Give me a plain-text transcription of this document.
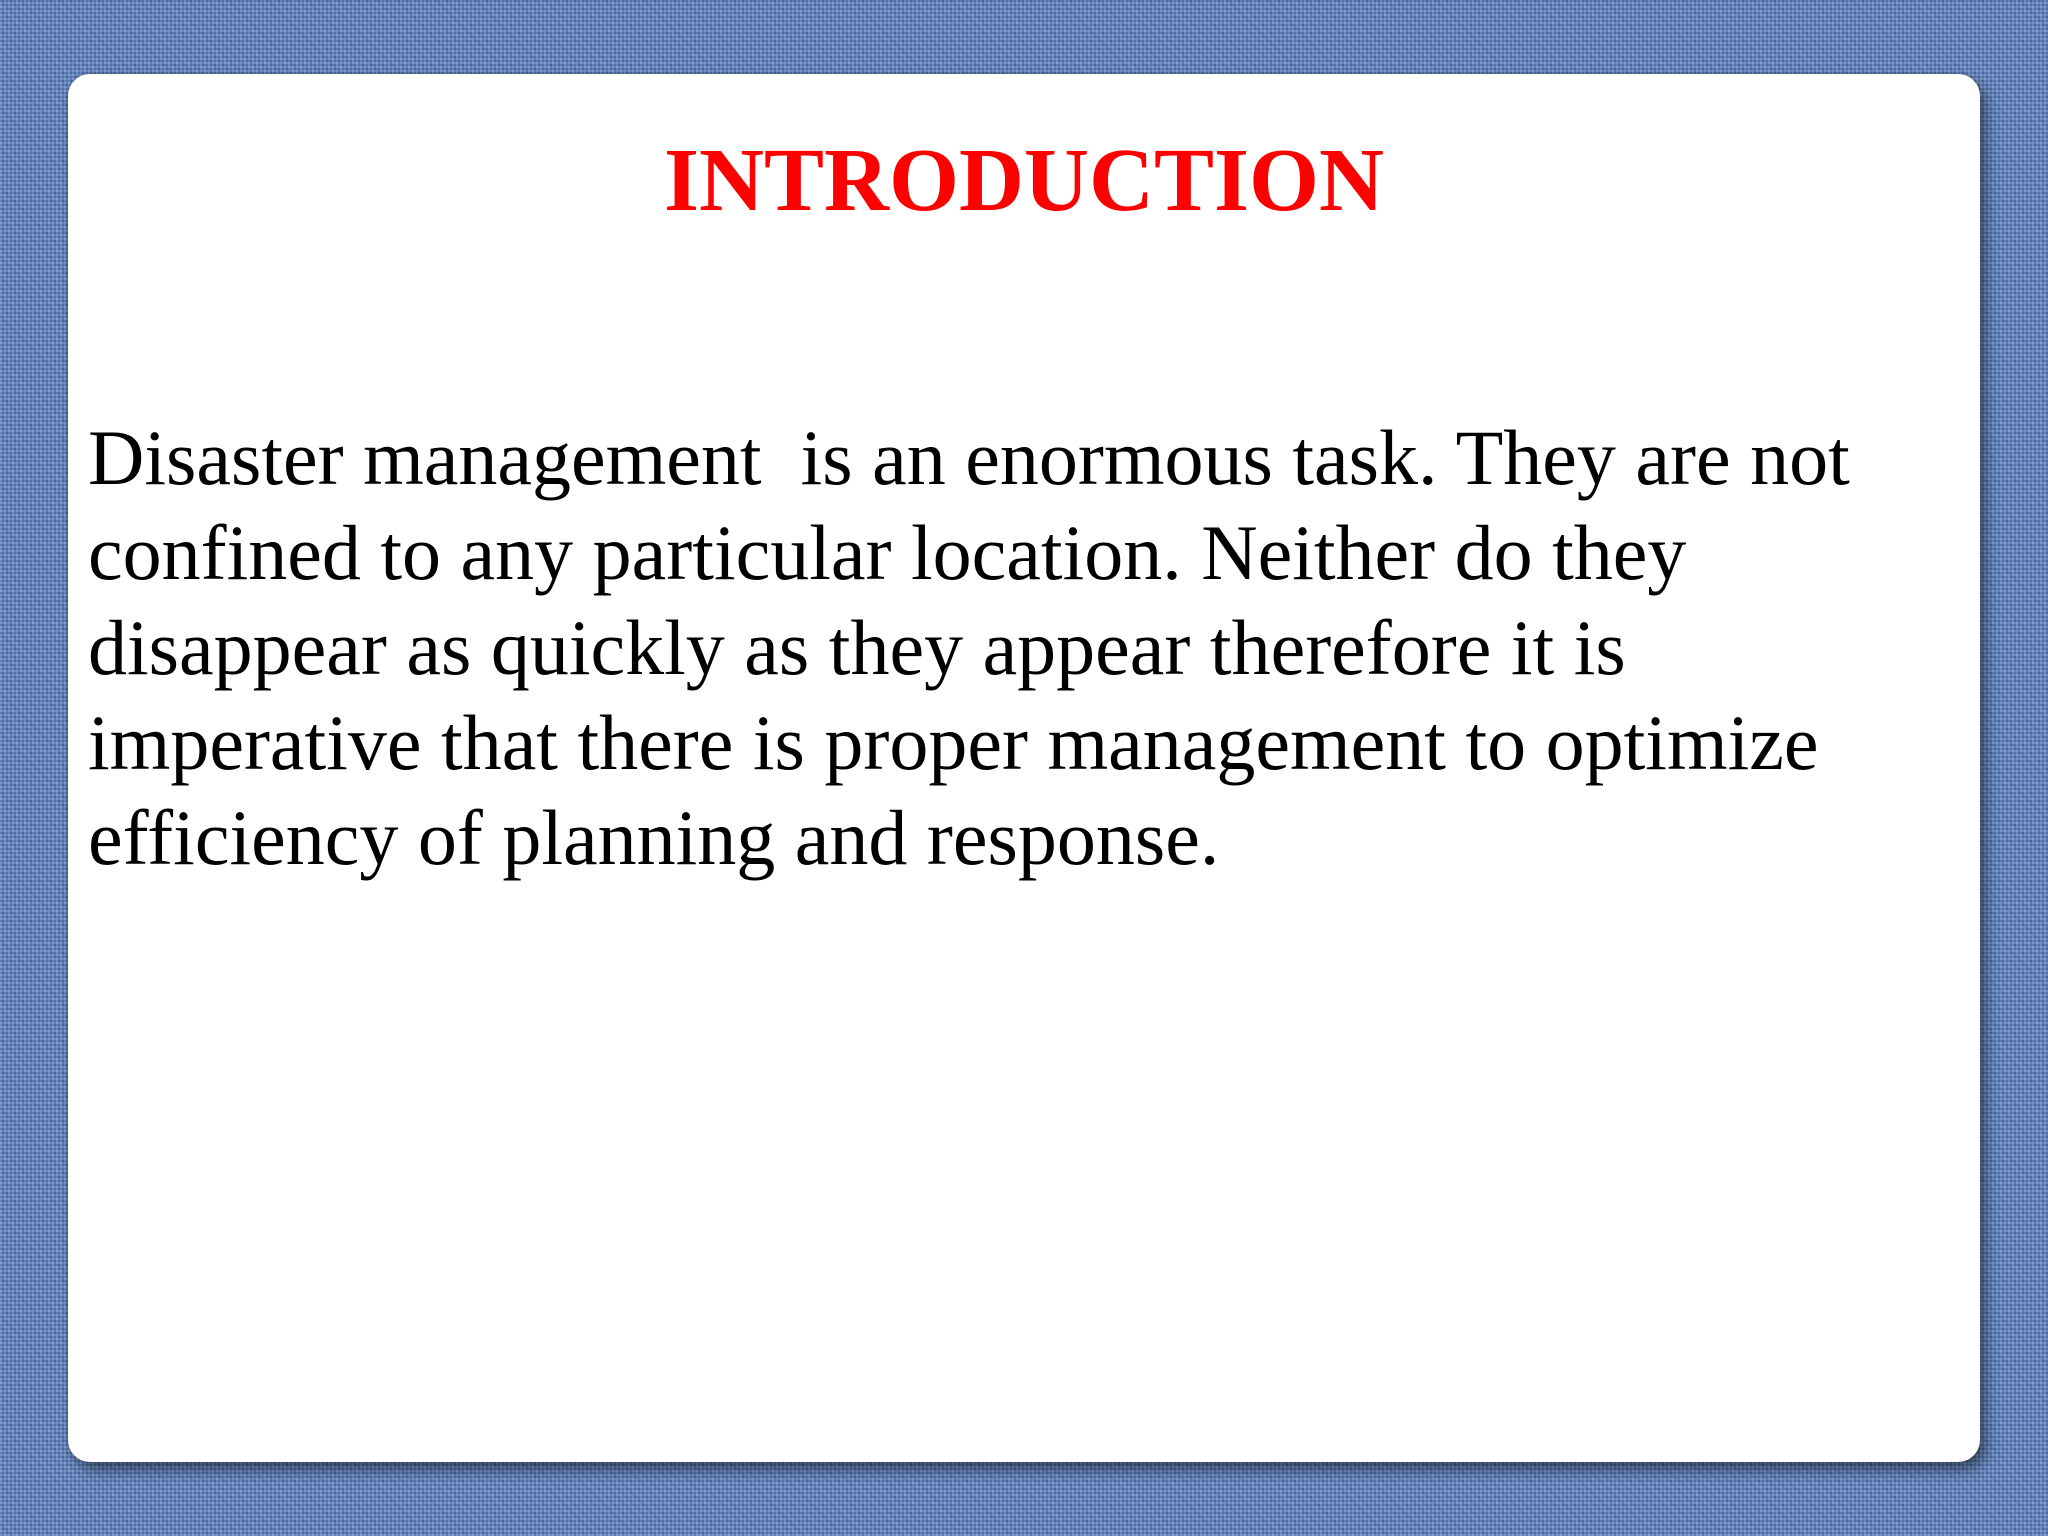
INTRODUCTION

Disaster management  is an enormous task. They are not
confined to any particular location. Neither do they
disappear as quickly as they appear therefore it is
imperative that there is proper management to optimize
efficiency of planning and response.
